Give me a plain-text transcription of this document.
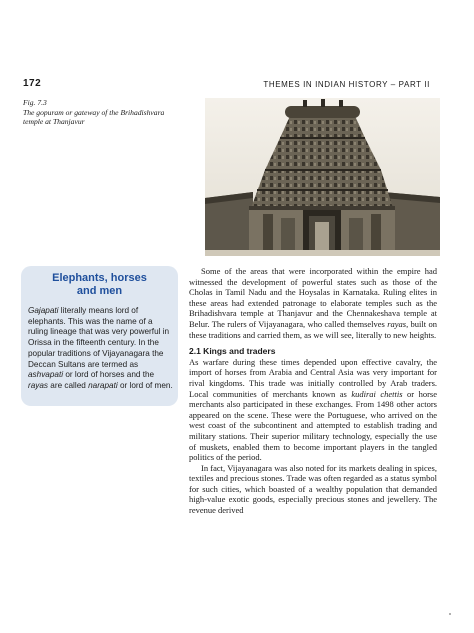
172	THEMES IN INDIAN HISTORY – PART II
Fig. 7.3
The gopuram or gateway of the Brihadishvara temple at Thanjavur
Elephants, horses
and men
Gajapati literally means lord of elephants. This was the name of a ruling lineage that was very powerful in Orissa in the fifteenth century. In the popular traditions of Vijayanagara the Deccan Sultans are termed as ashvapati or lord of horses and the rayas are called narapati or lord of men.

Some of the areas that were incorporated within the empire had witnessed the development of powerful states such as those of the Cholas in Tamil Nadu and the Hoysalas in Karnataka. Ruling elites in these areas had extended patronage to elaborate temples such as the Brihadishvara temple at Thanjavur and the Chennakeshava temple at Belur. The rulers of Vijayanagara, who called themselves rayas, built on these traditions and carried them, as we will see, literally to new heights.

2.1 Kings and traders

As warfare during these times depended upon effective cavalry, the import of horses from Arabia and Central Asia was very important for rival kingdoms. This trade was initially controlled by Arab traders. Local communities of merchants known as kudirai chettis or horse merchants also participated in these exchanges. From 1498 other actors appeared on the scene. These were the Portuguese, who arrived on the west coast of the subcontinent and attempted to establish trading and military stations. Their superior military technology, especially the use of muskets, enabled them to become important players in the tangled politics of the period.

In fact, Vijayanagara was also noted for its markets dealing in spices, textiles and precious stones. Trade was often regarded as a status symbol for such cities, which boasted of a wealthy population that demanded high-value exotic goods, especially precious stones and jewellery. The revenue derived
